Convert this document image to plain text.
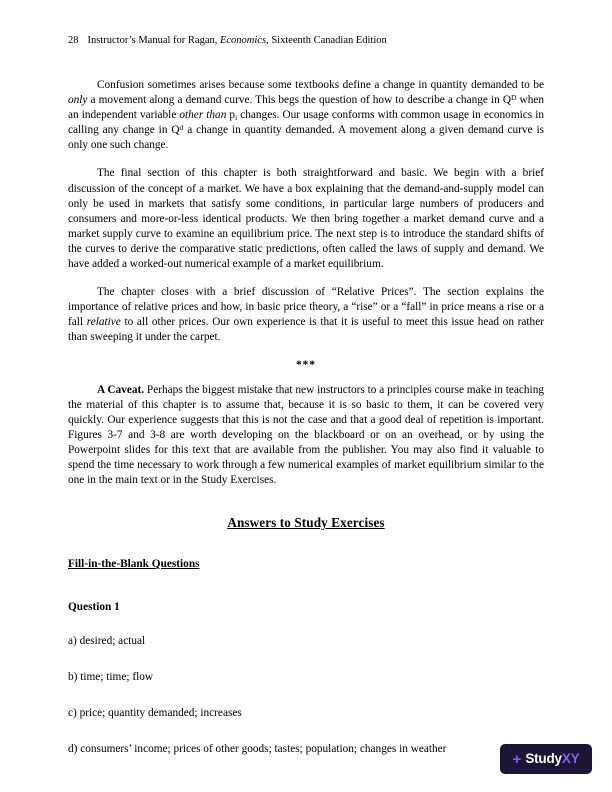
28 Instructor’s Manual for Ragan, Economics, Sixteenth Canadian Edition

Confusion sometimes arises because some textbooks define a change in quantity demanded to be only a movement along a demand curve. This begs the question of how to describe a change in $Q^D$ when an independent variable other than $p^i$ changes. Our usage conforms with common usage in economics in calling any change in $Q^d$ a change in quantity demanded. A movement along a given demand curve is only one such change.

The final section of this chapter is both straightforward and basic. We begin with a brief discussion of the concept of a market. We have a box explaining that the demand-and-supply model can only be used in markets that satisfy some conditions, in particular large numbers of producers and consumers and more-or-less identical products. We then bring together a market demand curve and a market supply curve to examine an equilibrium price. The next step is to introduce the standard shifts of the curves to derive the comparative static predictions, often called the laws of supply and demand. We have added a worked-out numerical example of a market equilibrium.

The chapter closes with a brief discussion of “Relative Prices”. The section explains the importance of relative prices and how, in basic price theory, a “rise” or a “fall” in price means a rise or a fall relative to all other prices. Our own experience is that it is useful to meet this issue head on rather than sweeping it under the carpet.

***

A Caveat. Perhaps the biggest mistake that new instructors to a principles course make in teaching the material of this chapter is to assume that, because it is so basic to them, it can be covered very quickly. Our experience suggests that this is not the case and that a good deal of repetition is important. Figures 3-7 and 3-8 are worth developing on the blackboard or on an overhead, or by using the Powerpoint slides for this text that are available from the publisher. You may also find it valuable to spend the time necessary to work through a few numerical examples of market equilibrium similar to the one in the main text or in the Study Exercises.

Answers to Study Exercises
Fill-in-the-Blank Questions
Question 1

a) desired; actual

b) time; time; flow

c) price; quantity demanded; increases

d) consumers’ income; prices of other goods; tastes; population; changes in weather

+ StudyXY
